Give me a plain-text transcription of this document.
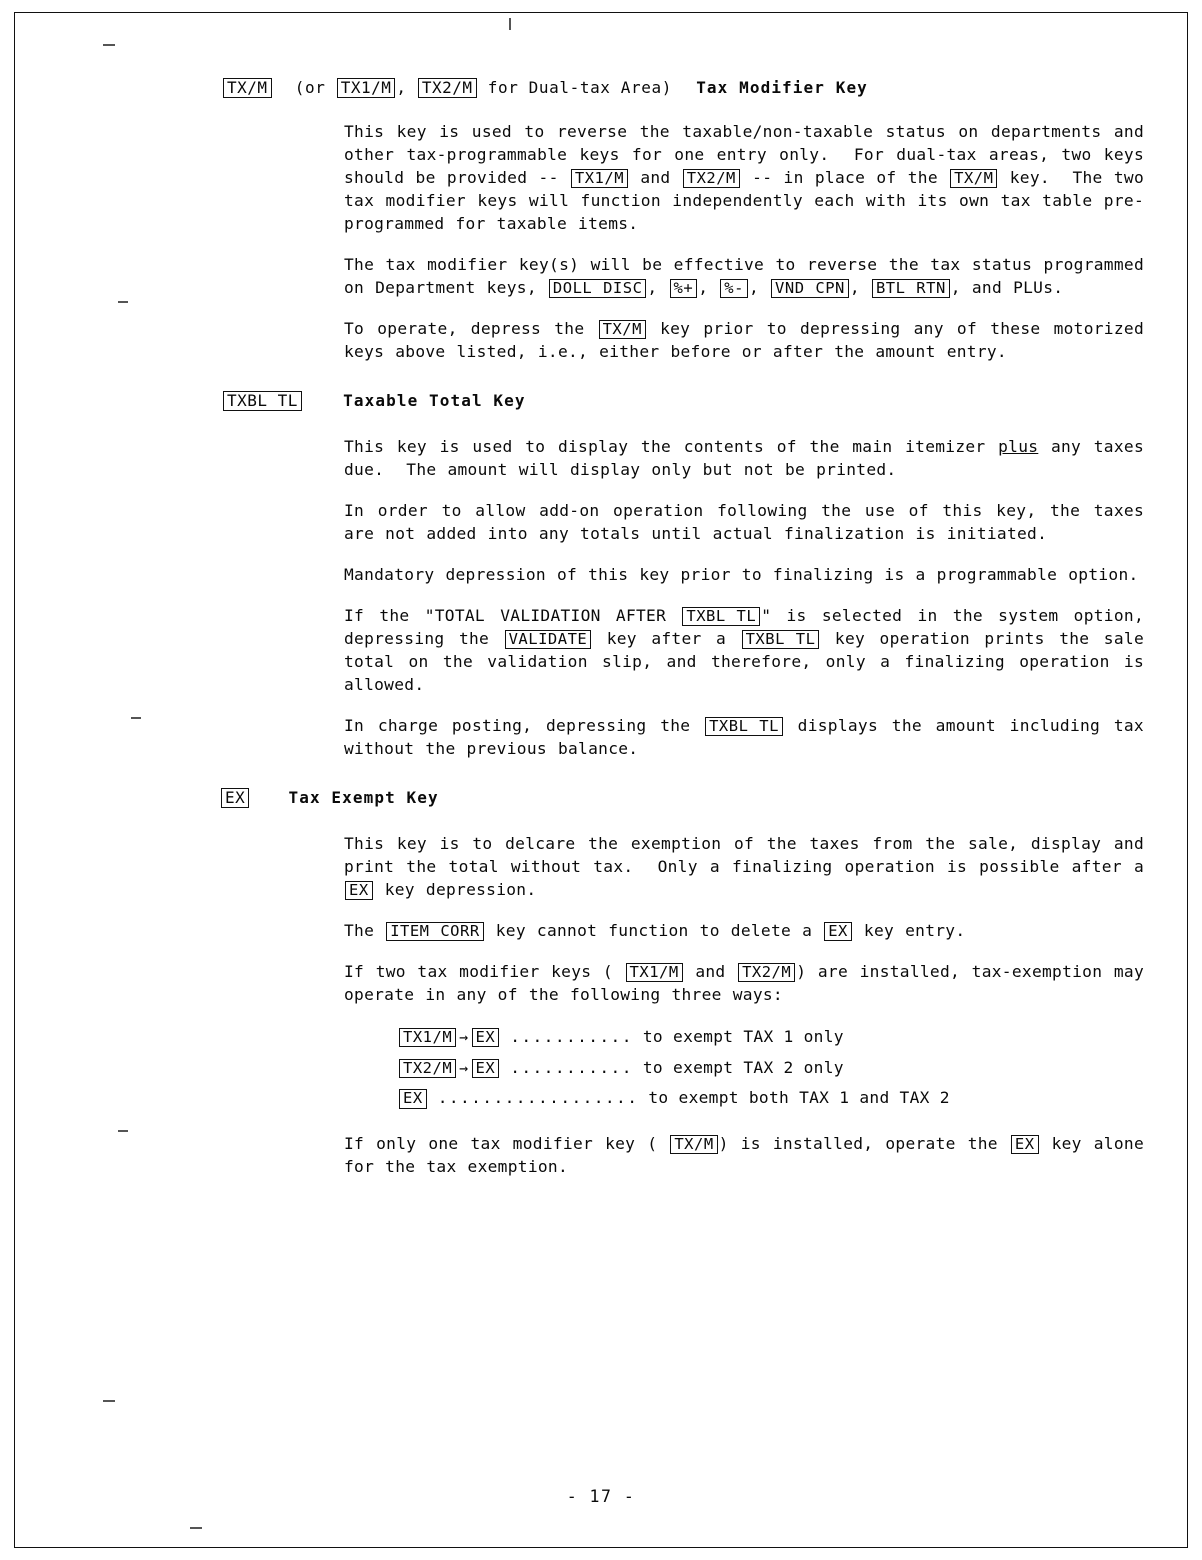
TX/M (or TX1/M , TX2/M for Dual-tax Area) Tax Modifier Key

This key is used to reverse the taxable/non-taxable status on departments and other tax-programmable keys for one entry only.  For dual-tax areas, two keys should be provided -- TX1/M and TX2/M -- in place of the TX/M key.  The two tax modifier keys will function independently each with its own tax table pre-programmed for taxable items.

The tax modifier key(s) will be effective to reverse the tax status programmed on Department keys, DOLL DISC , %+ , %- , VND CPN , BTL RTN , and PLUs.

To operate, depress the TX/M key prior to depressing any of these motorized keys above listed, i.e., either before or after the amount entry.

TXBL TL	Taxable Total Key

This key is used to display the contents of the main itemizer plus any taxes due.  The amount will display only but not be printed.

In order to allow add-on operation following the use of this key, the taxes are not added into any totals until actual finalization is initiated.

Mandatory depression of this key prior to finalizing is a programmable option.

If the "TOTAL VALIDATION AFTER TXBL TL " is selected in the system option, depressing the VALIDATE key after a TXBL TL key operation prints the sale total on the validation slip, and therefore, only a finalizing operation is allowed.

In charge posting, depressing the TXBL TL displays the amount including tax without the previous balance.

EX	Tax Exempt Key

This key is to delcare the exemption of the taxes from the sale, display and print the total without tax.  Only a finalizing operation is possible after a EX key depression.

The ITEM CORR key cannot function to delete a EX key entry.

If two tax modifier keys ( TX1/M and TX2/M ) are installed, tax-exemption may operate in any of the following three ways:

TX1/M → EX ........... to exempt TAX 1 only
TX2/M → EX ........... to exempt TAX 2 only
EX .................. to exempt both TAX 1 and TAX 2

If only one tax modifier key ( TX/M ) is installed, operate the EX key alone for the tax exemption.

- 17 -
